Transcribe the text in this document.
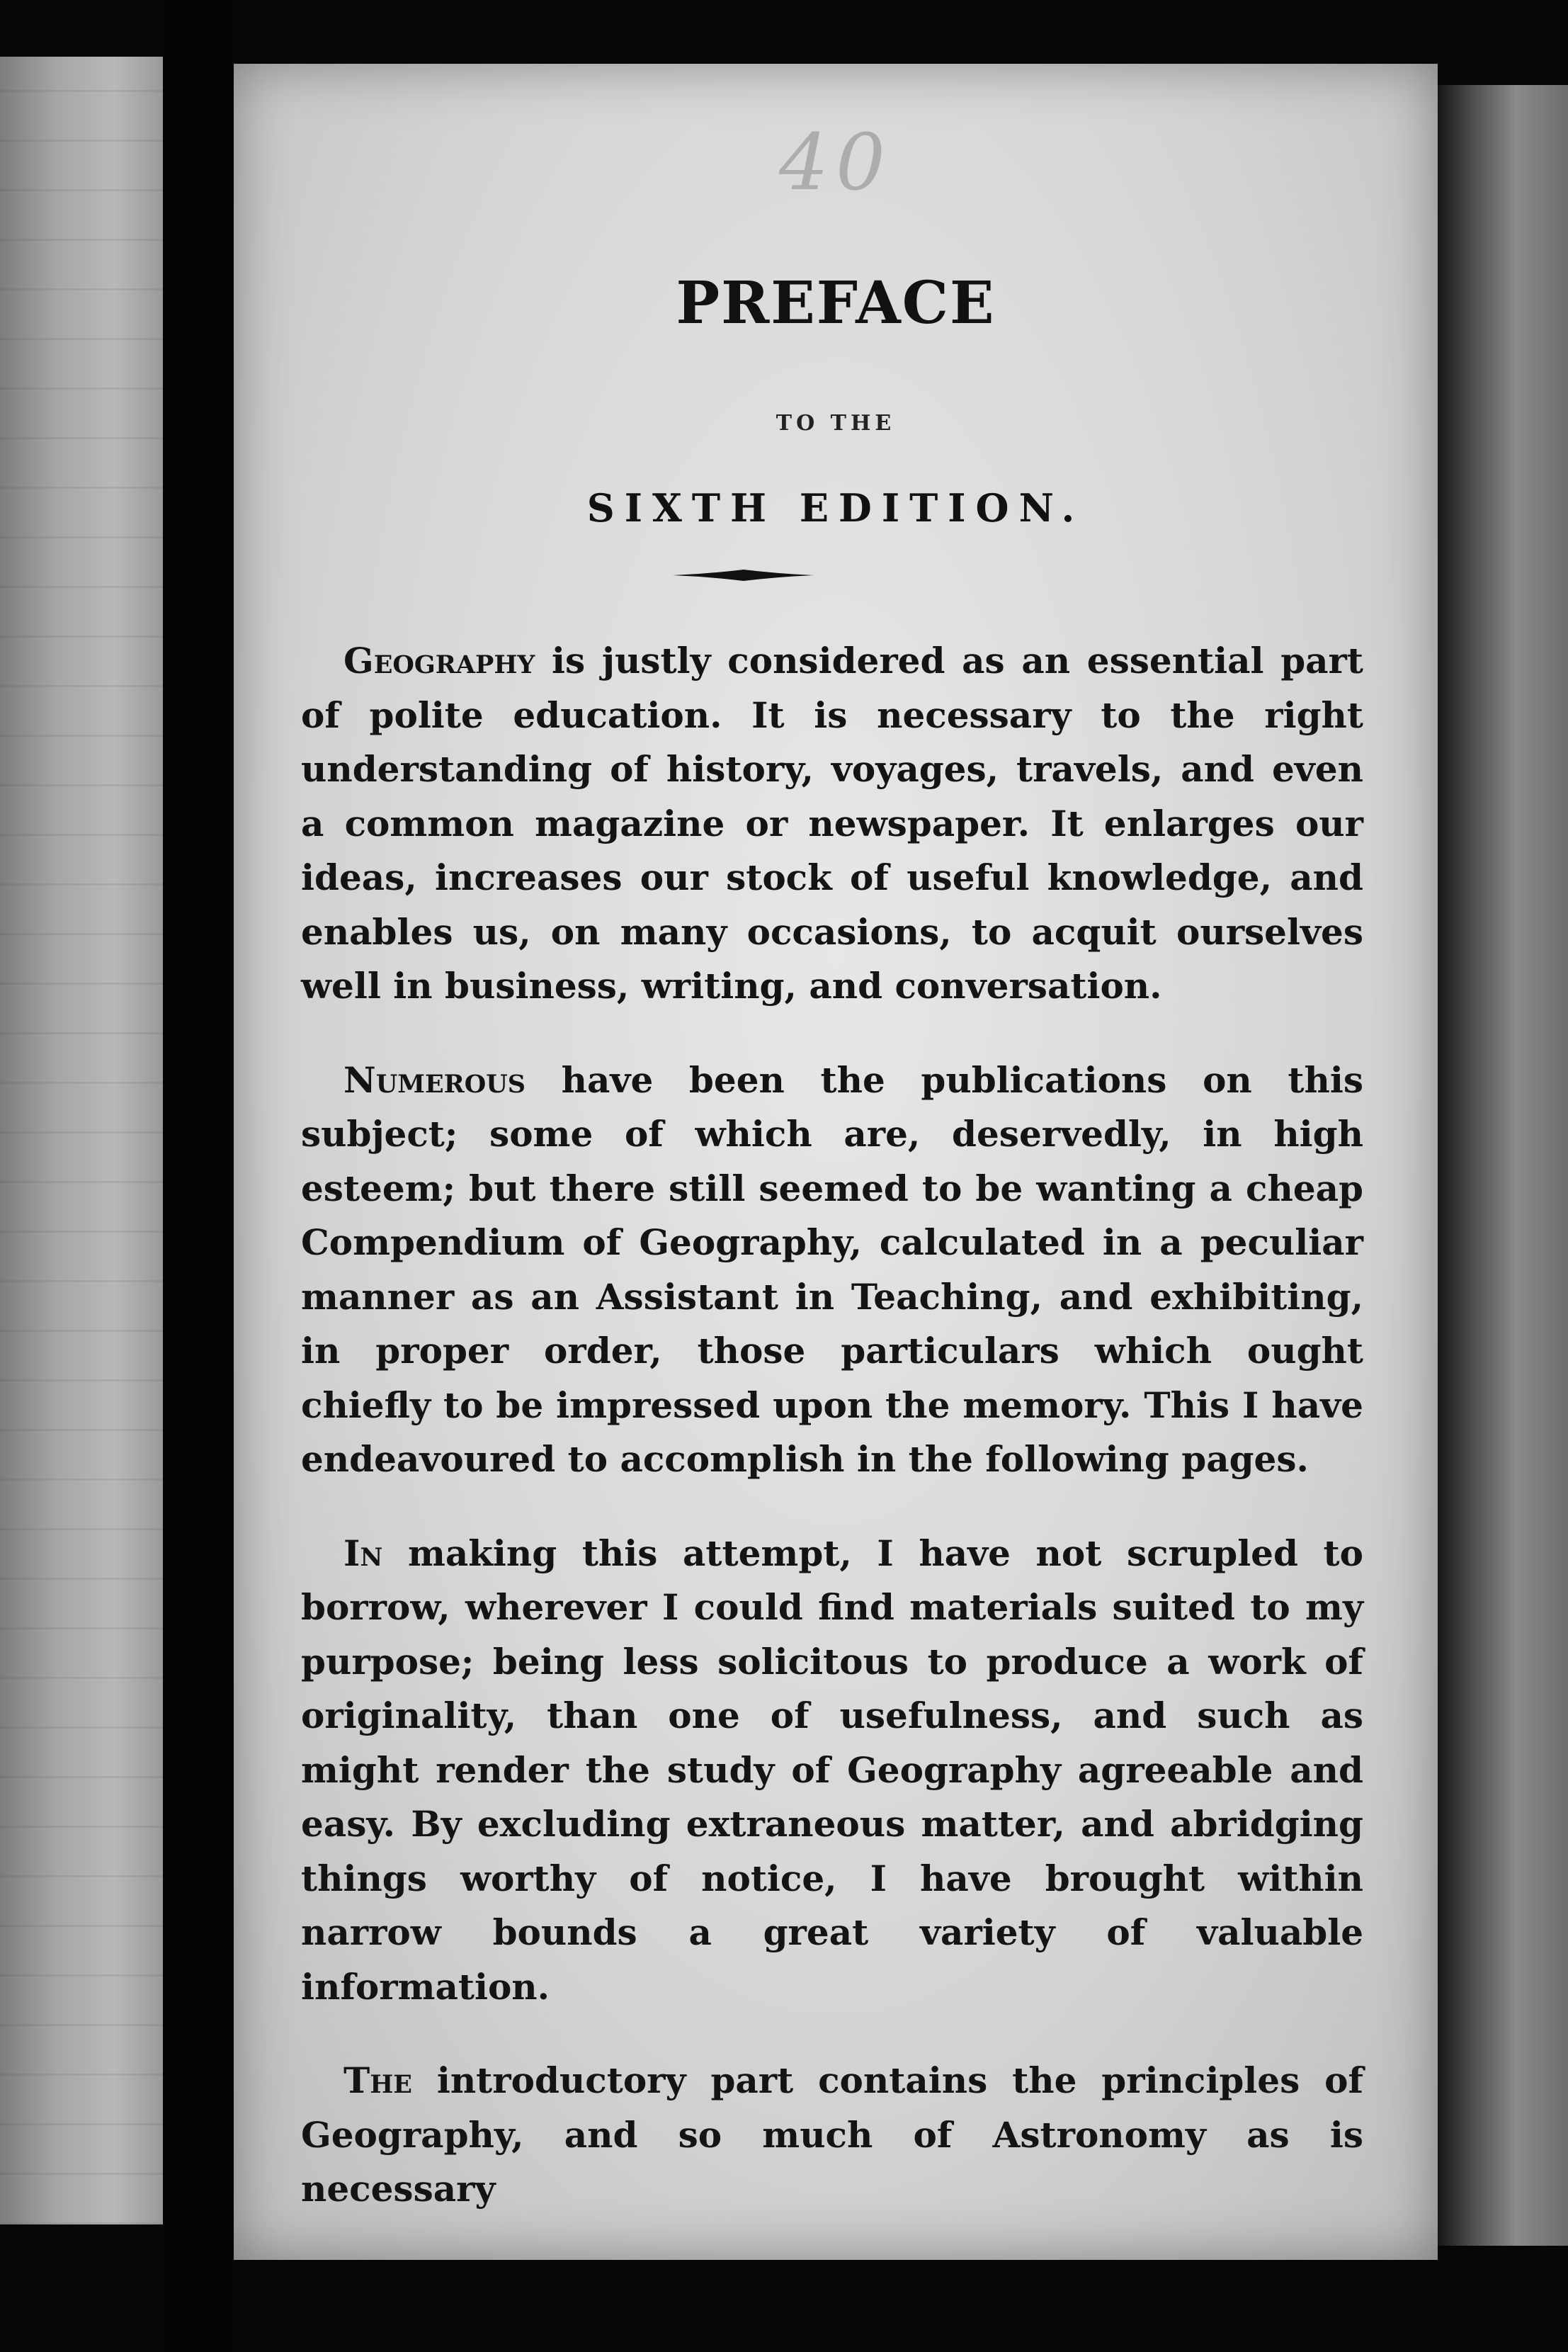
40
PREFACE
TO THE
SIXTH EDITION.

Geography is justly considered as an essential part of polite education. It is necessary to the right understanding of history, voyages, travels, and even a common magazine or newspaper. It enlarges our ideas, increases our stock of useful knowledge, and enables us, on many occasions, to acquit ourselves well in business, writing, and conversation.

Numerous have been the publications on this subject; some of which are, deservedly, in high esteem; but there still seemed to be wanting a cheap Compendium of Geography, calculated in a peculiar manner as an Assistant in Teaching, and exhibiting, in proper order, those particulars which ought chiefly to be impressed upon the memory. This I have endeavoured to accomplish in the following pages.

In making this attempt, I have not scrupled to borrow, wherever I could find materials suited to my purpose; being less solicitous to produce a work of originality, than one of usefulness, and such as might render the study of Geography agreeable and easy. By excluding extraneous matter, and abridging things worthy of notice, I have brought within narrow bounds a great variety of valuable information.

The introductory part contains the principles of Geography, and so much of Astronomy as is necessary
